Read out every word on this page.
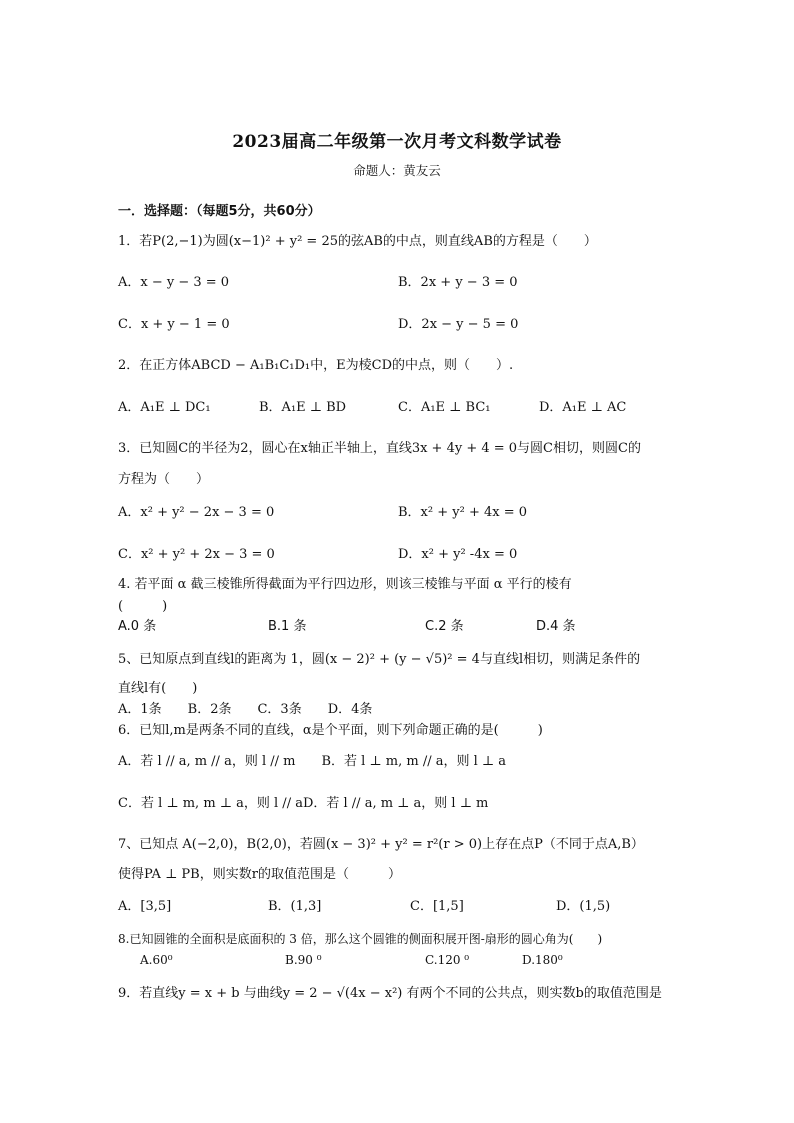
2023届高二年级第一次月考文科数学试卷
命题人：黄友云
一．选择题：（每题5分，共60分）
1．若P(2,−1)为圆(x−1)² + y² = 25的弦AB的中点，则直线AB的方程是（　　）
A．x − y − 3 = 0	B．2x + y − 3 = 0
C．x + y − 1 = 0	D．2x − y − 5 = 0
2．在正方体ABCD − A₁B₁C₁D₁中，E为棱CD的中点，则（　　）.
A．A₁E ⊥ DC₁	B．A₁E ⊥ BD	C．A₁E ⊥ BC₁	D．A₁E ⊥ AC
3．已知圆C的半径为2，圆心在x轴正半轴上，直线3x + 4y + 4 = 0与圆C相切，则圆C的
方程为（　　）
A．x² + y² − 2x − 3 = 0	B．x² + y² + 4x = 0
C．x² + y² + 2x − 3 = 0	D．x² + y² -4x = 0
4. 若平面 α 截三棱锥所得截面为平行四边形，则该三棱锥与平面 α 平行的棱有
(　　　)
A.0 条	B.1 条	C.2 条	D.4 条
5、已知原点到直线l的距离为 1，圆(x − 2)² + (y − √5)² = 4与直线l相切，则满足条件的
直线l有(　　)
A．1条　　B．2条　　C．3条　　D．4条
6．已知l,m是两条不同的直线，α是个平面，则下列命题正确的是(　　　)
A．若 l // a, m // a，则 l // m　　B．若 l ⊥ m, m // a，则 l ⊥ a
C．若 l ⊥ m, m ⊥ a，则 l // aD．若 l // a, m ⊥ a，则 l ⊥ m
7、已知点 A(−2,0)，B(2,0)，若圆(x − 3)² + y² = r²(r > 0)上存在点P（不同于点A,B）
使得PA ⊥ PB，则实数r的取值范围是（　　　）
A．[3,5]	B．(1,3]	C．[1,5]	D．(1,5)
8.已知圆锥的全面积是底面积的 3 倍，那么这个圆锥的侧面积展开图-扇形的圆心角为(　　)
A.60⁰	B.90 ⁰	C.120 ⁰	D.180⁰
9．若直线y = x + b 与曲线y = 2 − √(4x − x²) 有两个不同的公共点，则实数b的取值范围是
